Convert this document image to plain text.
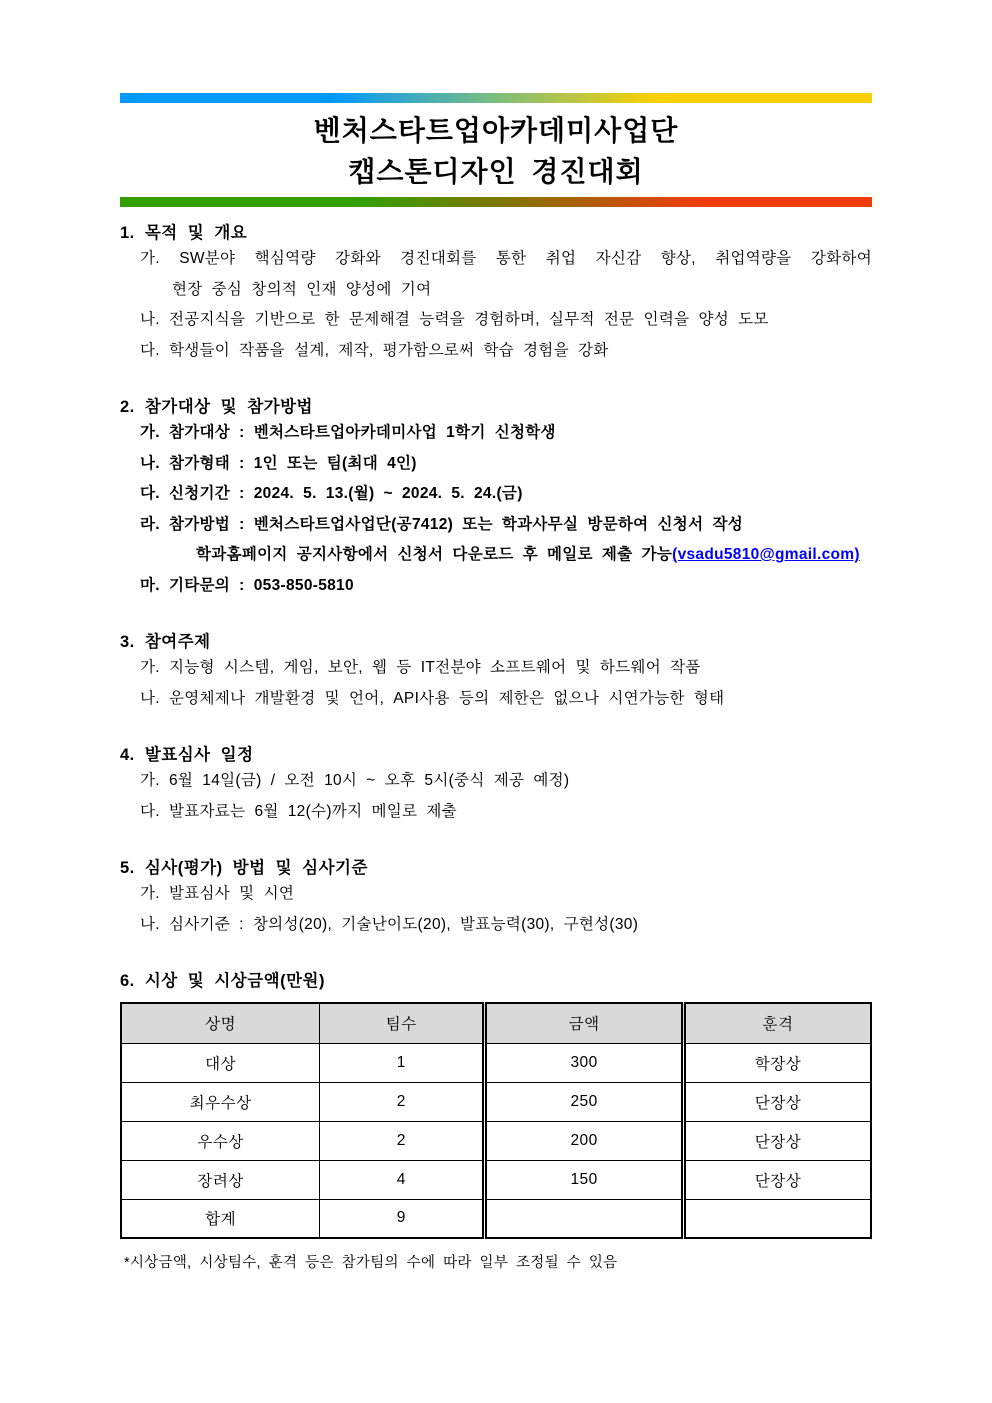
벤처스타트업아카데미사업단
캡스톤디자인 경진대회
1. 목적 및 개요
가. SW분야 핵심역량 강화와 경진대회를 통한 취업 자신감 향상, 취업역량을 강화하여
현장 중심 창의적 인재 양성에 기여
나. 전공지식을 기반으로 한 문제해결 능력을 경험하며, 실무적 전문 인력을 양성 도모
다. 학생들이 작품을 설계, 제작, 평가함으로써 학습 경험을 강화
2. 참가대상 및 참가방법
가. 참가대상 : 벤처스타트업아카데미사업 1학기 신청학생
나. 참가형태 : 1인 또는 팀(최대 4인)
다. 신청기간 : 2024. 5. 13.(월) ~ 2024. 5. 24.(금)
라. 참가방법 : 벤처스타트업사업단(공7412) 또는 학과사무실 방문하여 신청서 작성
학과홈페이지 공지사항에서 신청서 다운로드 후 메일로 제출 가능(vsadu5810@gmail.com)
마. 기타문의 : 053-850-5810
3. 참여주제
가. 지능형 시스템, 게임, 보안, 웹 등 IT전분야 소프트웨어 및 하드웨어 작품
나. 운영체제나 개발환경 및 언어, API사용 등의 제한은 없으나 시연가능한 형태
4. 발표심사 일정
가. 6월 14일(금) / 오전 10시 ~ 오후 5시(중식 제공 예정)
다. 발표자료는 6월 12(수)까지 메일로 제출
5. 심사(평가) 방법 및 심사기준
가. 발표심사 및 시연
나. 심사기준 : 창의성(20), 기술난이도(20), 발표능력(30), 구현성(30)
6. 시상 및 시상금액(만원)
상명	팀수	금액	훈격
대상	1	300	학장상
최우수상	2	250	단장상
우수상	2	200	단장상
장려상	4	150	단장상
합계	9		
*시상금액, 시상팀수, 훈격 등은 참가팀의 수에 따라 일부 조정될 수 있음
